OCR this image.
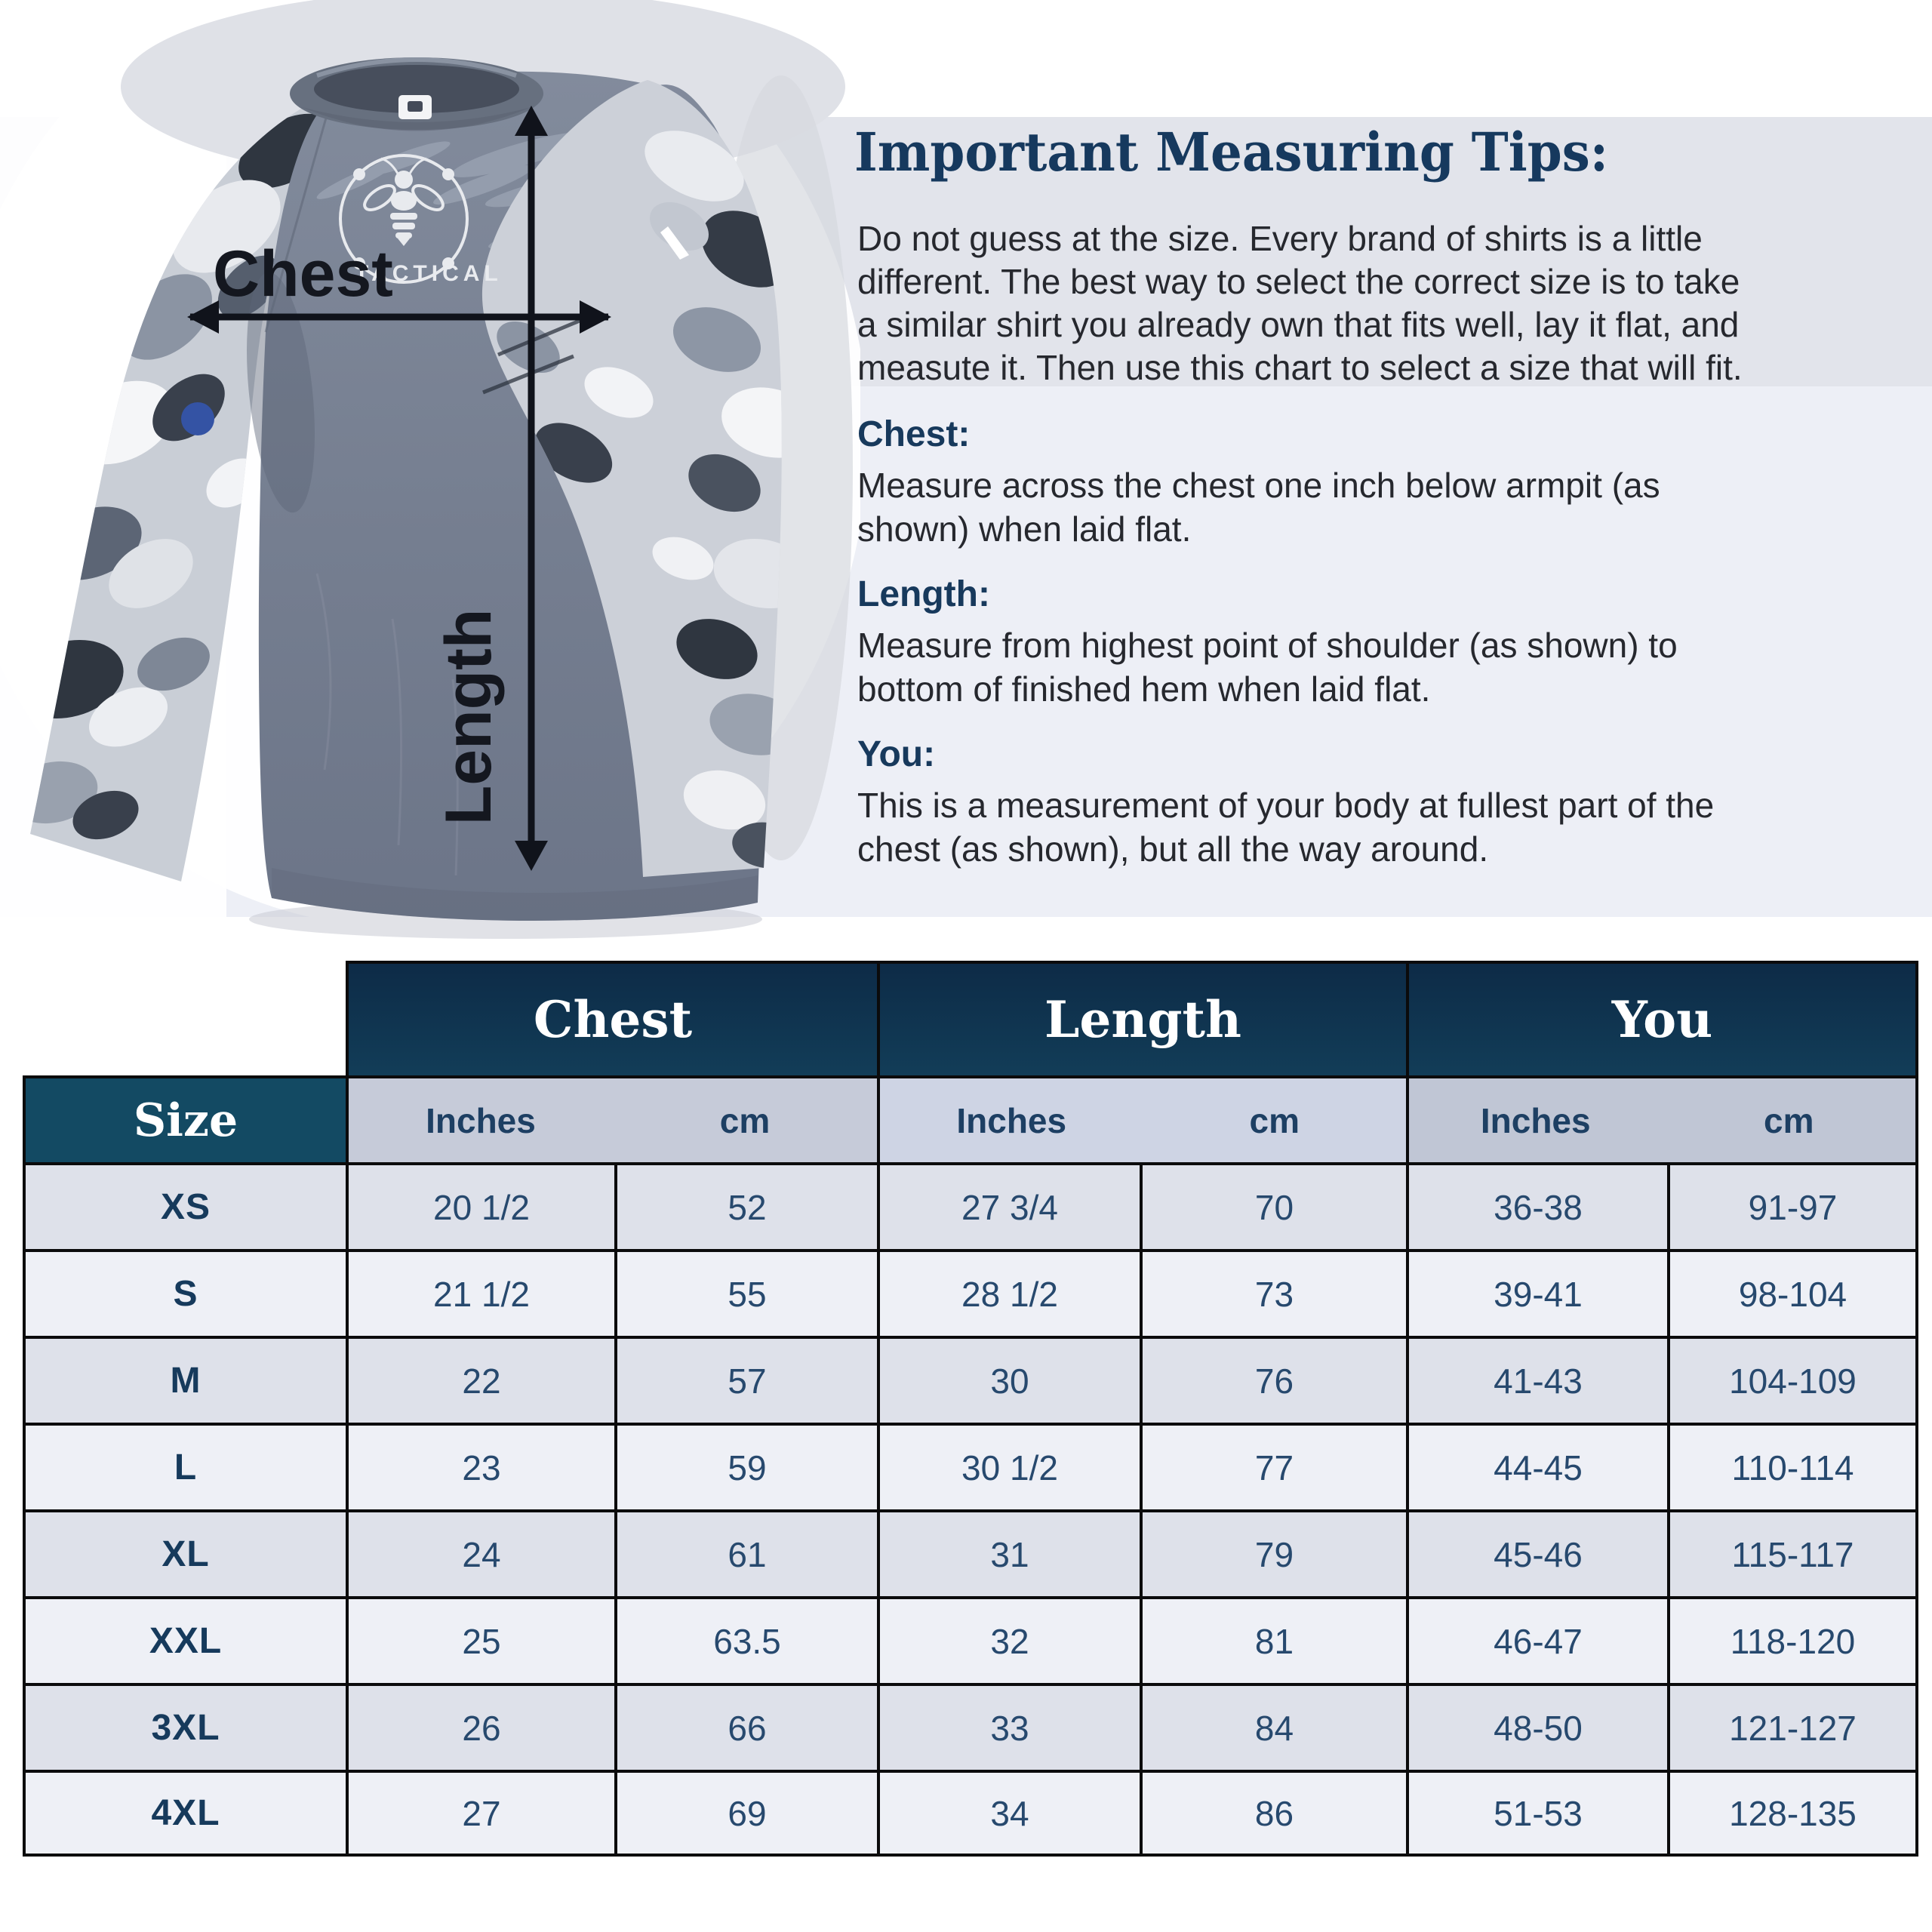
TACTICAL
Chest
Length
Important Measuring Tips:
Do not guess at the size. Every brand of shirts is a little
different. The best way to select the correct size is to take
a similar shirt you already own that fits well, lay it flat, and
measute it. Then use this chart to select a size that will fit.
Chest:
Measure across the chest one inch below armpit (as
shown) when laid flat.
Length:
Measure from highest point of shoulder (as shown) to
bottom of finished hem when laid flat.
You:
This is a measurement of your body at fullest part of the
chest (as shown), but all the way around.
Chest	Length	You
Size	Inches	cm	Inches	cm	Inches	cm
XS	20 1/2	52	27 3/4	70	36-38	91-97
S	21 1/2	55	28 1/2	73	39-41	98-104
M	22	57	30	76	41-43	104-109
L	23	59	30 1/2	77	44-45	110-114
XL	24	61	31	79	45-46	115-117
XXL	25	63.5	32	81	46-47	118-120
3XL	26	66	33	84	48-50	121-127
4XL	27	69	34	86	51-53	128-135
